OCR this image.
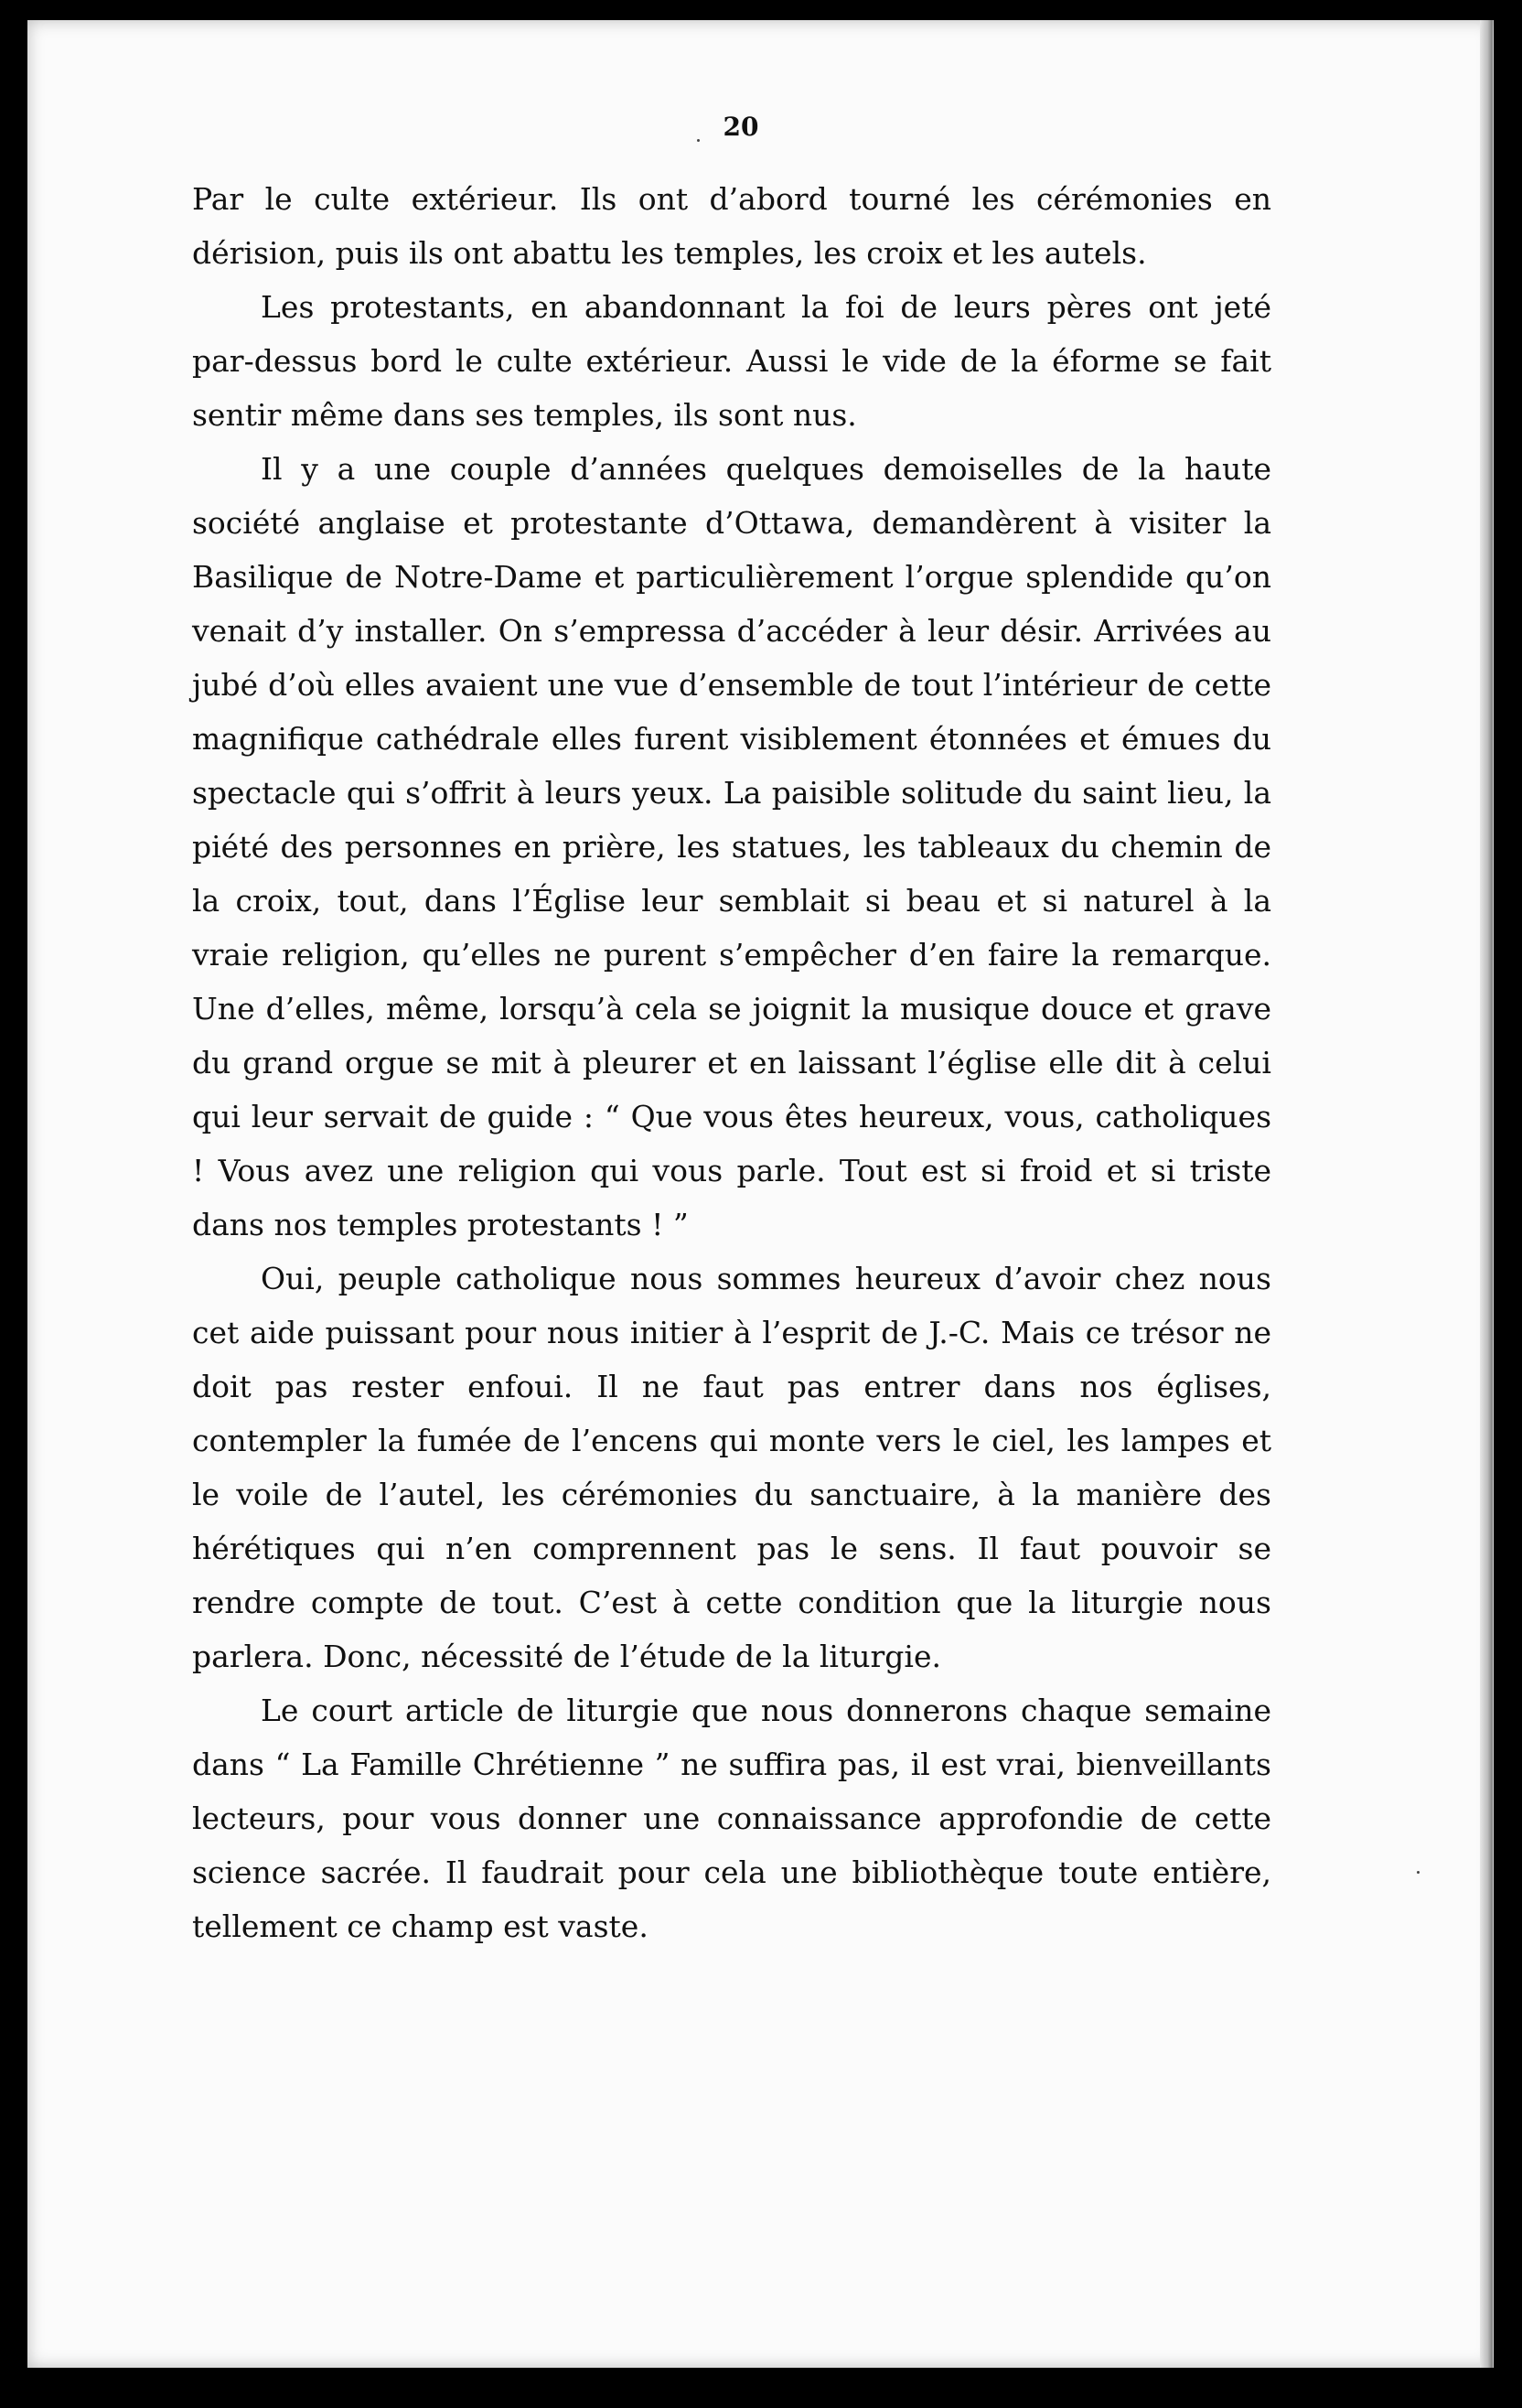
20

Par le culte extérieur. Ils ont d’abord tourné les cérémonies en dérision, puis ils ont abattu les temples, les croix et les autels.

Les protestants, en abandonnant la foi de leurs pères ont jeté par-dessus bord le culte extérieur. Aussi le vide de la éforme se fait sentir même dans ses temples, ils sont nus.

Il y a une couple d’années quelques demoiselles de la haute société anglaise et protestante d’Ottawa, demandèrent à visiter la Basilique de Notre-Dame et particulièrement l’orgue splendide qu’on venait d’y installer. On s’empressa d’accéder à leur désir. Arrivées au jubé d’où elles avaient une vue d’ensemble de tout l’intérieur de cette magnifique cathédrale elles furent visiblement étonnées et émues du spectacle qui s’offrit à leurs yeux. La paisible solitude du saint lieu, la piété des personnes en prière, les statues, les tableaux du chemin de la croix, tout, dans l’Église leur semblait si beau et si naturel à la vraie religion, qu’elles ne purent s’empêcher d’en faire la remarque. Une d’elles, même, lorsqu’à cela se joignit la musique douce et grave du grand orgue se mit à pleurer et en laissant l’église elle dit à celui qui leur servait de guide : “ Que vous êtes heureux, vous, catholiques ! Vous avez une religion qui vous parle. Tout est si froid et si triste dans nos temples protestants ! ”

Oui, peuple catholique nous sommes heureux d’avoir chez nous cet aide puissant pour nous initier à l’esprit de J.-C. Mais ce trésor ne doit pas rester enfoui. Il ne faut pas entrer dans nos églises, contempler la fumée de l’encens qui monte vers le ciel, les lampes et le voile de l’autel, les cérémonies du sanctuaire, à la manière des hérétiques qui n’en comprennent pas le sens. Il faut pouvoir se rendre compte de tout. C’est à cette condition que la liturgie nous parlera. Donc, nécessité de l’étude de la liturgie.

Le court article de liturgie que nous donnerons chaque semaine dans “ La Famille Chrétienne ” ne suffira pas, il est vrai, bienveillants lecteurs, pour vous donner une connaissance approfondie de cette science sacrée. Il faudrait pour cela une bibliothèque toute entière, tellement ce champ est vaste.
